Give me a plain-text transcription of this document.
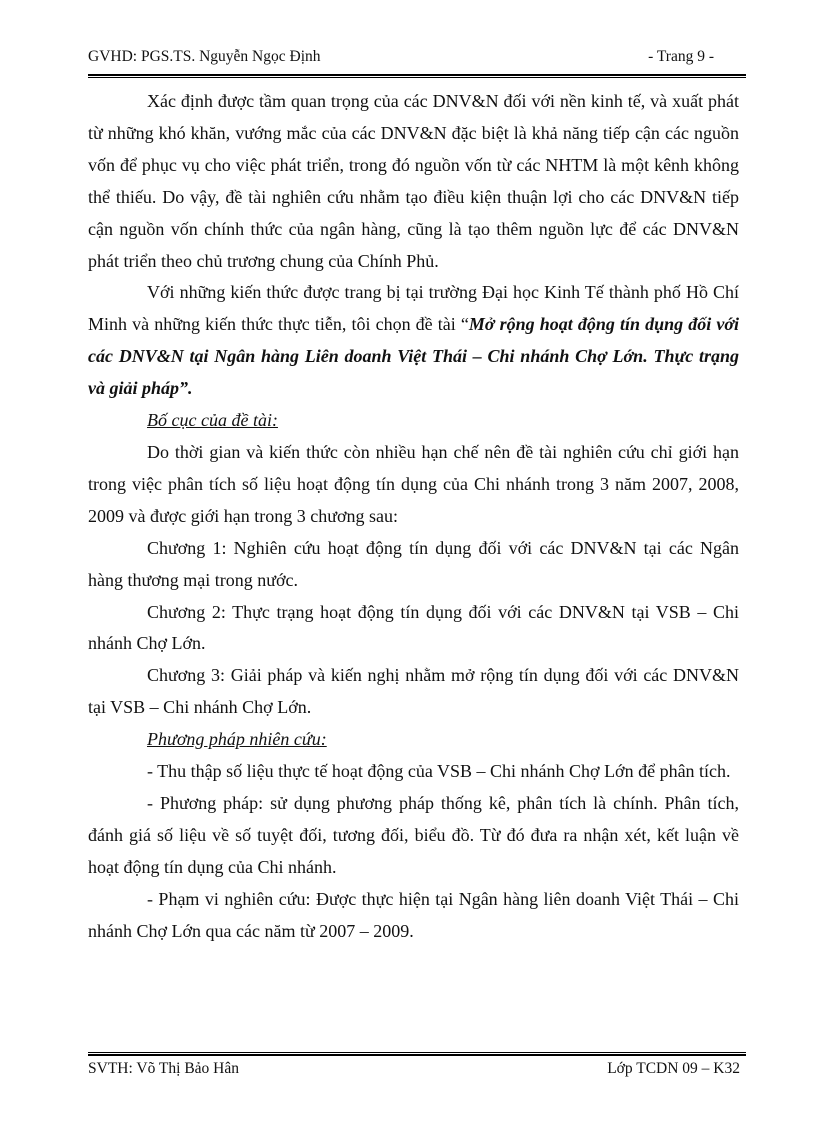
GVHD: PGS.TS. Nguyễn Ngọc Định	- Trang 9 -

Xác định được tầm quan trọng của các DNV&N đối với nền kinh tế, và xuất phát từ những khó khăn, vướng mắc của các DNV&N đặc biệt là khả năng tiếp cận các nguồn vốn để phục vụ cho việc phát triển, trong đó nguồn vốn từ các NHTM là một kênh không thể thiếu. Do vậy, đề tài nghiên cứu nhằm tạo điều kiện thuận lợi cho các DNV&N tiếp cận nguồn vốn chính thức của ngân hàng, cũng là tạo thêm nguồn lực để các DNV&N phát triển theo chủ trương chung của Chính Phủ.

Với những kiến thức được trang bị tại trường Đại học Kinh Tế thành phố Hồ Chí Minh và những kiến thức thực tiễn, tôi chọn đề tài “Mở rộng hoạt động tín dụng đối với các DNV&N tại Ngân hàng Liên doanh Việt Thái – Chi nhánh Chợ Lớn. Thực trạng và giải pháp”.

Bố cục của đề tài:

Do thời gian và kiến thức còn nhiều hạn chế nên đề tài nghiên cứu chỉ giới hạn trong việc phân tích số liệu hoạt động tín dụng của Chi nhánh trong 3 năm 2007, 2008, 2009 và được giới hạn trong 3 chương sau:

Chương 1: Nghiên cứu hoạt động tín dụng đối với các DNV&N tại các Ngân hàng thương mại trong nước.

Chương 2: Thực trạng hoạt động tín dụng đối với các DNV&N tại VSB – Chi nhánh Chợ Lớn.

Chương 3: Giải pháp và kiến nghị nhằm mở rộng tín dụng đối với các DNV&N tại VSB – Chi nhánh Chợ Lớn.

Phương pháp nhiên cứu:

- Thu thập số liệu thực tế hoạt động của VSB – Chi nhánh Chợ Lớn để phân tích.

- Phương pháp: sử dụng phương pháp thống kê, phân tích là chính. Phân tích, đánh giá số liệu về số tuyệt đối, tương đối, biểu đồ. Từ đó đưa ra nhận xét, kết luận về hoạt động tín dụng của Chi nhánh.

- Phạm vi nghiên cứu: Được thực hiện tại Ngân hàng liên doanh Việt Thái – Chi nhánh Chợ Lớn qua các năm từ 2007 – 2009.

SVTH: Võ Thị Bảo Hân	Lớp TCDN 09 – K32
